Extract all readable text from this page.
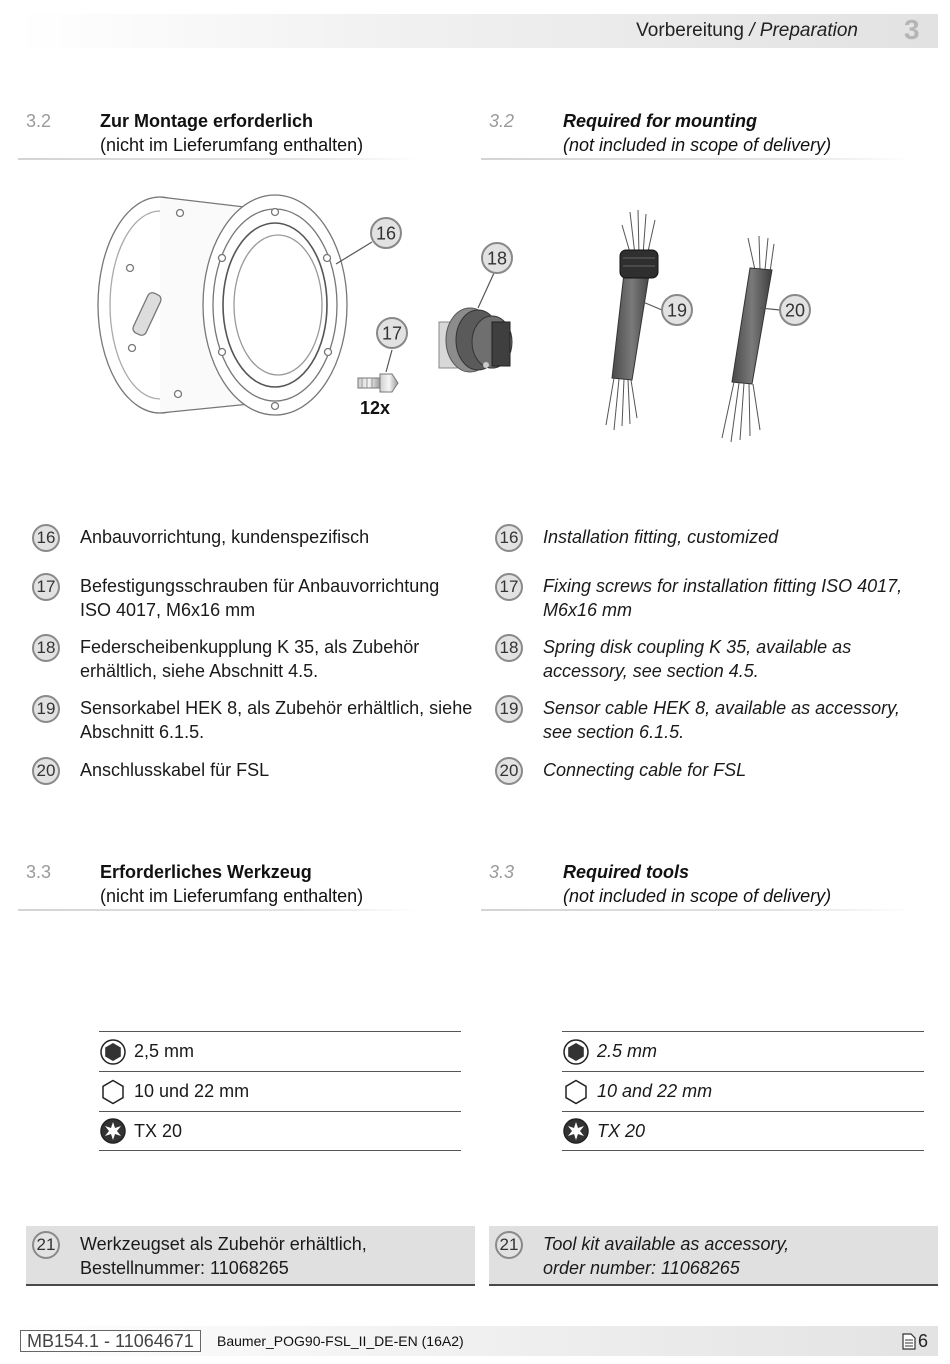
Vorbereitung / Preparation 3
3.2	Zur Montage erforderlich
(nicht im Lieferumfang enthalten)
3.2	Required for mounting
(not included in scope of delivery)
16
17
18
19	20
12x
16 Anbauvorrichtung, kundenspezifisch
17 Befestigungsschrauben für Anbauvorrichtung ISO 4017, M6x16 mm
18 Federscheibenkupplung K 35, als Zubehör erhältlich, siehe Abschnitt 4.5.
19 Sensorkabel HEK 8, als Zubehör erhältlich, siehe Abschnitt 6.1.5.
20 Anschlusskabel für FSL
16 Installation fitting, customized
17 Fixing screws for installation fitting ISO 4017, M6x16 mm
18 Spring disk coupling K 35, available as accessory, see section 4.5.
19 Sensor cable HEK 8, available as accessory, see section 6.1.5.
20 Connecting cable for FSL
3.3	Erforderliches Werkzeug
(nicht im Lieferumfang enthalten)
3.3	Required tools
(not included in scope of delivery)
2,5 mm
10 und 22 mm
TX 20
2.5 mm
10 and 22 mm
TX 20
21 Werkzeugset als Zubehör erhältlich,
Bestellnummer: 11068265
21 Tool kit available as accessory,
order number: 11068265
MB154.1 - 11064671	Baumer_POG90-FSL_II_DE-EN (16A2)	6
